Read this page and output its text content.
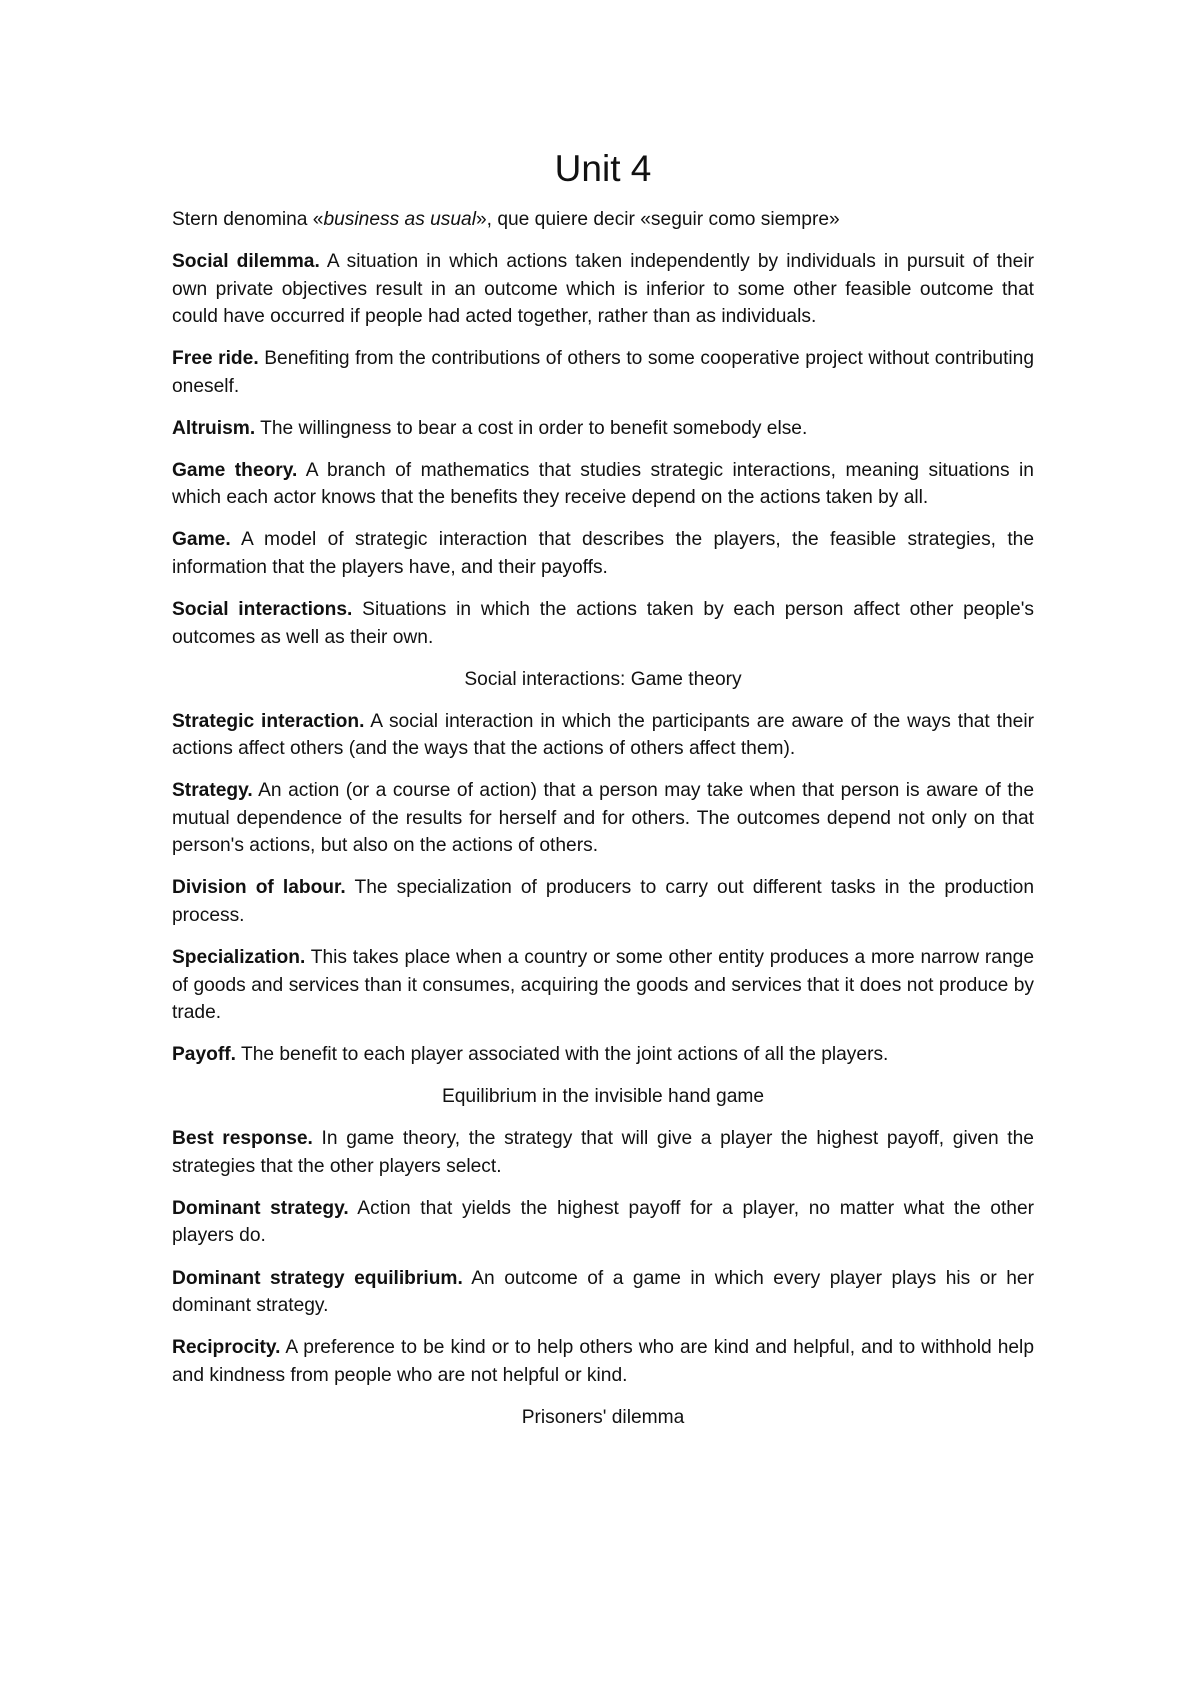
Unit 4

Stern denomina «business as usual», que quiere decir «seguir como siempre»

Social dilemma. A situation in which actions taken independently by individuals in pursuit of their own private objectives result in an outcome which is inferior to some other feasible outcome that could have occurred if people had acted together, rather than as individuals.

Free ride. Benefiting from the contributions of others to some cooperative project without contributing oneself.

Altruism. The willingness to bear a cost in order to benefit somebody else.

Game theory. A branch of mathematics that studies strategic interactions, meaning situations in which each actor knows that the benefits they receive depend on the actions taken by all.

Game. A model of strategic interaction that describes the players, the feasible strategies, the information that the players have, and their payoffs.

Social interactions. Situations in which the actions taken by each person affect other people's outcomes as well as their own.

Social interactions: Game theory

Strategic interaction. A social interaction in which the participants are aware of the ways that their actions affect others (and the ways that the actions of others affect them).

Strategy. An action (or a course of action) that a person may take when that person is aware of the mutual dependence of the results for herself and for others. The outcomes depend not only on that person's actions, but also on the actions of others.

Division of labour. The specialization of producers to carry out different tasks in the production process.

Specialization. This takes place when a country or some other entity produces a more narrow range of goods and services than it consumes, acquiring the goods and services that it does not produce by trade.

Payoff. The benefit to each player associated with the joint actions of all the players.

Equilibrium in the invisible hand game

Best response. In game theory, the strategy that will give a player the highest payoff, given the strategies that the other players select.

Dominant strategy. Action that yields the highest payoff for a player, no matter what the other players do.

Dominant strategy equilibrium. An outcome of a game in which every player plays his or her dominant strategy.

Reciprocity. A preference to be kind or to help others who are kind and helpful, and to withhold help and kindness from people who are not helpful or kind.

Prisoners' dilemma
